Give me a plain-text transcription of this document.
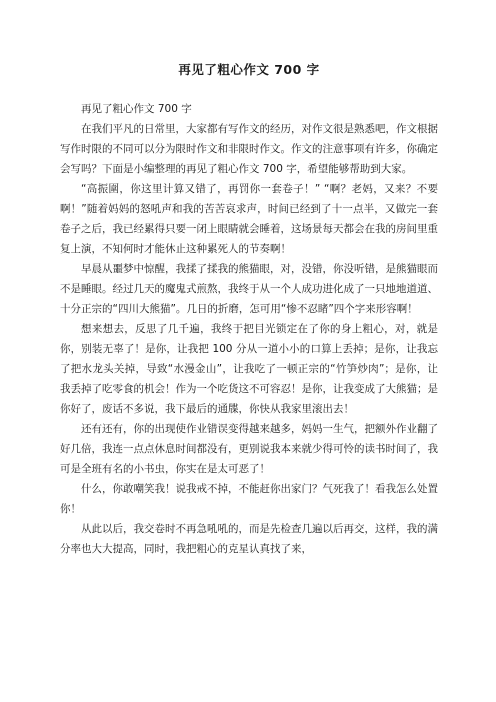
再见了粗心作文 700 字

再见了粗心作文 700 字

在我们平凡的日常里，大家都有写作文的经历，对作文很是熟悉吧，作文根据写作时限的不同可以分为限时作文和非限时作文。作文的注意事项有许多，你确定会写吗？下面是小编整理的再见了粗心作文 700 字，希望能够帮助到大家。

“高振圍，你这里计算又错了，再罚你一套卷子！” “啊？老妈，又来？不要啊！”随着妈妈的怒吼声和我的苦苦哀求声，时间已经到了十一点半，又做完一套卷子之后，我已经累得只要一闭上眼睛就会睡着，这场景每天都会在我的房间里重复上演，不知何时才能休止这种累死人的节奏啊！

早晨从噩梦中惊醒，我揉了揉我的熊猫眼，对，没错，你没听错，是熊猫眼而不是睡眼。经过几天的魔鬼式煎熬，我终于从一个人成功进化成了一只地地道道、十分正宗的“四川大熊猫”。几日的折磨，怎可用“惨不忍睹”四个字来形容啊！

想来想去，反思了几千遍，我终于把目光锁定在了你的身上粗心，对，就是你，别装无辜了！是你，让我把 100 分从一道小小的口算上丢掉；是你，让我忘了把水龙头关掉，导致“水漫金山”，让我吃了一顿正宗的“竹笋炒肉”；是你，让我丢掉了吃零食的机会！作为一个吃货这不可容忍！是你，让我变成了大熊猫；是你好了，废话不多说，我下最后的通牒，你快从我家里滚出去！

还有还有，你的出现使作业错误变得越来越多，妈妈一生气，把额外作业翻了好几倍，我连一点点休息时间都没有，更别说我本来就少得可怜的读书时间了，我可是全班有名的小书虫，你实在是太可恶了！

什么，你敢嘲笑我！说我戒不掉，不能赶你出家门？气死我了！看我怎么处置你！

从此以后，我交卷时不再急吼吼的，而是先检查几遍以后再交，这样，我的满分率也大大提高，同时，我把粗心的克星认真找了来，
